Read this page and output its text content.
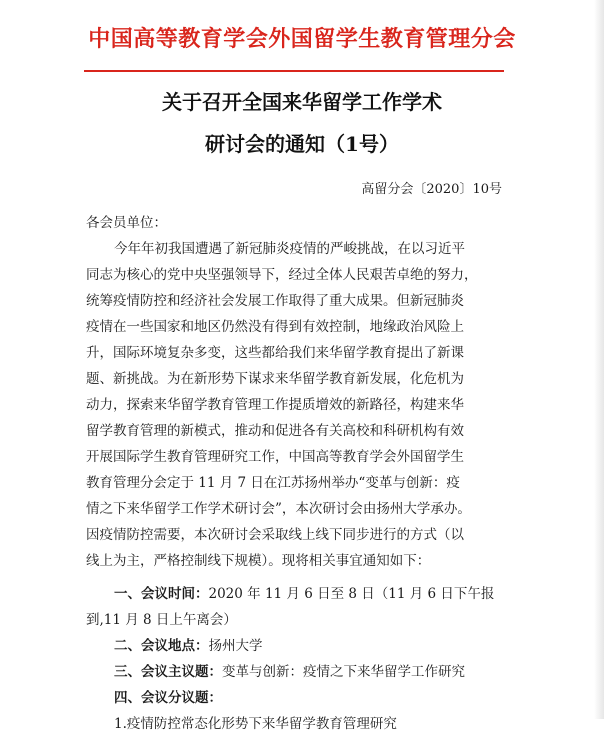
中国高等教育学会外国留学生教育管理分会
关于召开全国来华留学工作学术
研讨会的通知（1号）
高留分会〔2020〕10号
各会员单位：
今年年初我国遭遇了新冠肺炎疫情的严峻挑战，在以习近平
同志为核心的党中央坚强领导下，经过全体人民艰苦卓绝的努力，
统筹疫情防控和经济社会发展工作取得了重大成果。但新冠肺炎
疫情在一些国家和地区仍然没有得到有效控制，地缘政治风险上
升，国际环境复杂多变，这些都给我们来华留学教育提出了新课
题、新挑战。为在新形势下谋求来华留学教育新发展，化危机为
动力，探索来华留学教育管理工作提质增效的新路径，构建来华
留学教育管理的新模式，推动和促进各有关高校和科研机构有效
开展国际学生教育管理研究工作，中国高等教育学会外国留学生
教育管理分会定于 11 月 7 日在江苏扬州举办“变革与创新：疫
情之下来华留学工作学术研讨会”，本次研讨会由扬州大学承办。
因疫情防控需要，本次研讨会采取线上线下同步进行的方式（以
线上为主，严格控制线下规模）。现将相关事宜通知如下：
一、会议时间：2020 年 11 月 6 日至 8 日（11 月 6 日下午报
到,11 月 8 日上午离会）
二、会议地点：扬州大学
三、会议主议题：变革与创新：疫情之下来华留学工作研究
四、会议分议题：
1.疫情防控常态化形势下来华留学教育管理研究
